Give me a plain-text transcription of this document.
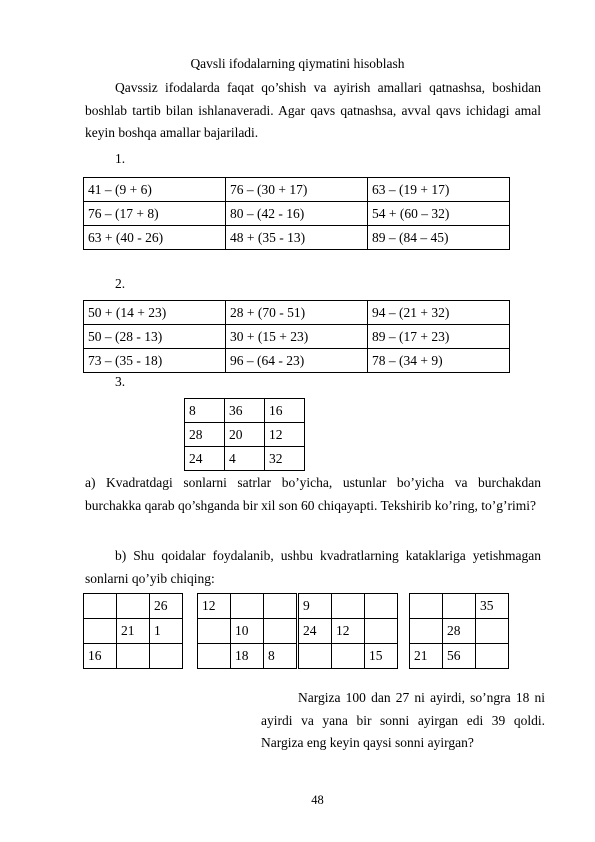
Qavsli ifodalarning qiymatini hisoblash
Qavssiz ifodalarda faqat qo’shish va ayirish amallari qatnashsa, boshidan boshlab tartib bilan ishlanaveradi. Agar qavs qatnashsa, avval qavs ichidagi amal keyin boshqa amallar bajariladi.
1.
41 – (9 + 6)	76 – (30 + 17)	63 – (19 + 17)
76 – (17 + 8)	80 – (42 - 16)	54 + (60 – 32)
63 + (40 - 26)	48 + (35 - 13)	89 – (84 – 45)
2.
50 + (14 + 23)	28 + (70 - 51)	94 – (21 + 32)
50 – (28 - 13)	30 + (15 + 23)	89 – (17 + 23)
73 – (35 - 18)	96 – (64 - 23)	78 – (34 + 9)
3.
8	36	16
28	20	12
24	4	32
a) Kvadratdagi sonlarni satrlar bo’yicha, ustunlar bo’yicha va burchakdan burchakka qarab qo’shganda bir xil son 60 chiqayapti. Tekshirib ko’ring, to’g’rimi?
b) Shu qoidalar foydalanib, ushbu kvadratlarning kataklariga yetishmagan sonlarni qo’yib chiqing:
		26
	21	1
16		
12		
	10	
	18	8
9		
24	12	
		15
		35
	28	
21	56	
Nargiza 100 dan 27 ni ayirdi, so’ngra 18 ni ayirdi va yana bir sonni ayirgan edi 39 qoldi. Nargiza eng keyin qaysi sonni ayirgan?
48
